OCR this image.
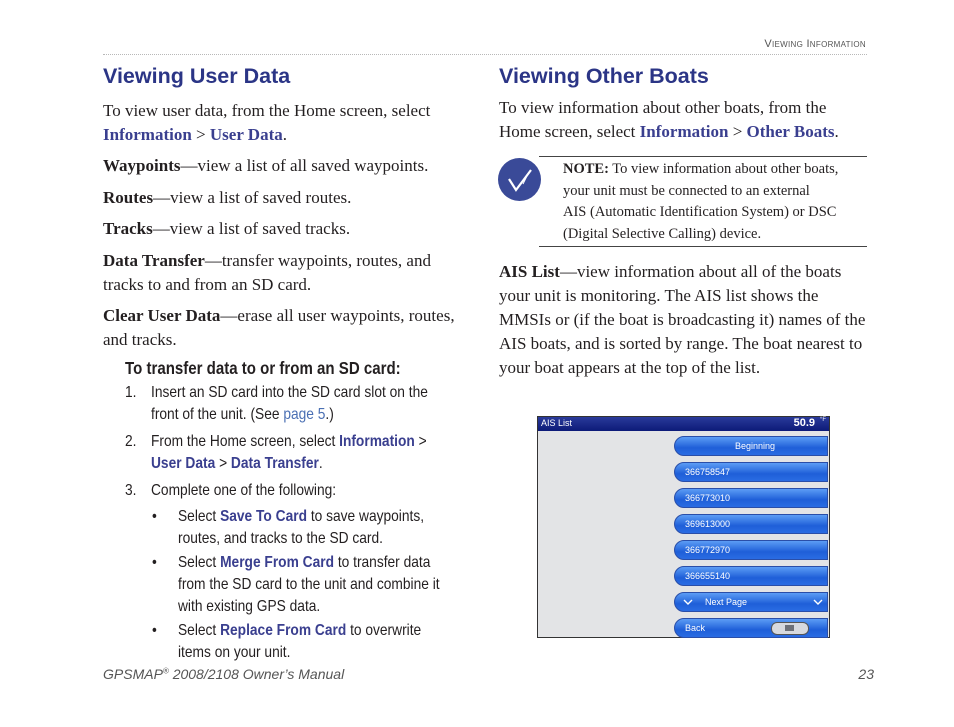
Viewing Information
Viewing User Data
To view user data, from the Home screen, select
Information > User Data.
Waypoints—view a list of all saved waypoints.
Routes—view a list of saved routes.
Tracks—view a list of saved tracks.
Data Transfer—transfer waypoints, routes, and
tracks to and from an SD card.
Clear User Data—erase all user waypoints, routes,
and tracks.
To transfer data to or from an SD card:
1. Insert an SD card into the SD card slot on the
front of the unit. (See page 5.)
2. From the Home screen, select Information >
User Data > Data Transfer.
3. Complete one of the following:
• Select Save To Card to save waypoints,
routes, and tracks to the SD card.
• Select Merge From Card to transfer data
from the SD card to the unit and combine it
with existing GPS data.
• Select Replace From Card to overwrite
items on your unit.
Viewing Other Boats
To view information about other boats, from the
Home screen, select Information > Other Boats.
NOTE: To view information about other boats,
your unit must be connected to an external
AIS (Automatic Identification System) or DSC
(Digital Selective Calling) device.
AIS List—view information about all of the boats
your unit is monitoring. The AIS list shows the
MMSIs or (if the boat is broadcasting it) names of the
AIS boats, and is sorted by range. The boat nearest to
your boat appears at the top of the list.
AIS List	50.9 °F
Beginning
366758547
366773010
369613000
366772970
366655140
Next Page
Back
GPSMAP® 2008/2108 Owner’s Manual	23
